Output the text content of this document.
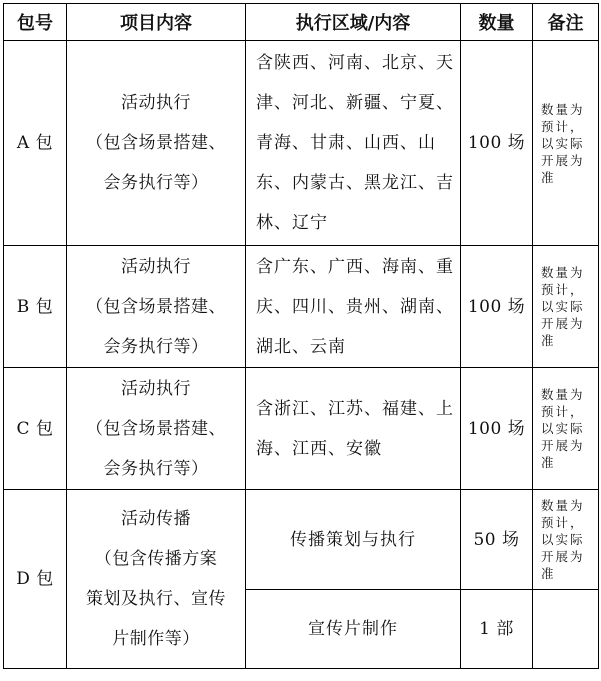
包号	项目内容	执行区域/内容	数量	备注
A 包	活动执行
（包含场景搭建、
会务执行等）	含陕西、河南、北京、天津、河北、新疆、宁夏、青海、甘肃、山西、山东、内蒙古、黑龙江、吉林、辽宁	100 场	数量为预计，以实际开展为准
B 包	活动执行
（包含场景搭建、
会务执行等）	含广东、广西、海南、重庆、四川、贵州、湖南、湖北、云南	100 场	数量为预计，以实际开展为准
C 包	活动执行
（包含场景搭建、
会务执行等）	含浙江、江苏、福建、上海、江西、安徽	100 场	数量为预计，以实际开展为准
D 包	活动传播
（包含传播方案
策划及执行、宣传
片制作等）	传播策划与执行	50 场	数量为预计，以实际开展为准
		宣传片制作	1 部	
